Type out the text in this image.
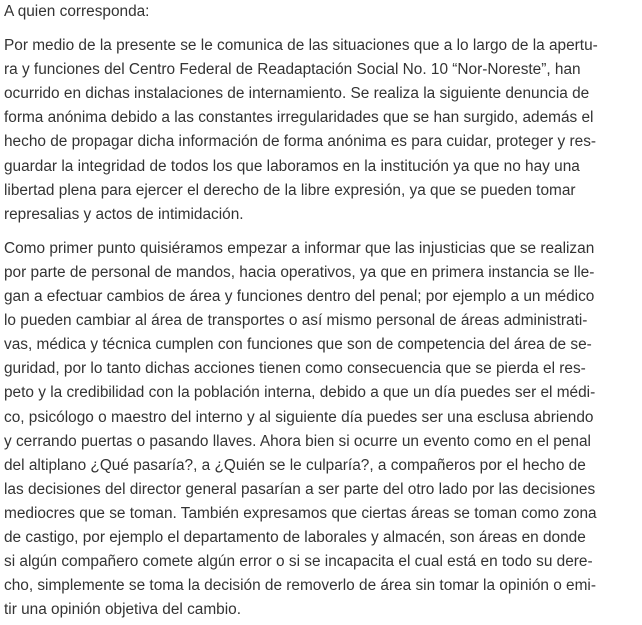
A quien corresponda:

Por medio de la presente se le comunica de las situaciones que a lo largo de la apertu-
ra y funciones del Centro Federal de Readaptación Social No. 10 “Nor-Noreste”, han
ocurrido en dichas instalaciones de internamiento. Se realiza la siguiente denuncia de
forma anónima debido a las constantes irregularidades que se han surgido, además el
hecho de propagar dicha información de forma anónima es para cuidar, proteger y res-
guardar la integridad de todos los que laboramos en la institución ya que no hay una
libertad plena para ejercer el derecho de la libre expresión, ya que se pueden tomar
represalias y actos de intimidación.

Como primer punto quisiéramos empezar a informar que las injusticias que se realizan
por parte de personal de mandos, hacia operativos, ya que en primera instancia se lle-
gan a efectuar cambios de área y funciones dentro del penal; por ejemplo a un médico
lo pueden cambiar al área de transportes o así mismo personal de áreas administrati-
vas, médica y técnica cumplen con funciones que son de competencia del área de se-
guridad, por lo tanto dichas acciones tienen como consecuencia que se pierda el res-
peto y la credibilidad con la población interna, debido a que un día puedes ser el médi-
co, psicólogo o maestro del interno y al siguiente día puedes ser una esclusa abriendo
y cerrando puertas o pasando llaves. Ahora bien si ocurre un evento como en el penal
del altiplano ¿Qué pasaría?, a ¿Quién se le culparía?, a compañeros por el hecho de
las decisiones del director general pasarían a ser parte del otro lado por las decisiones
mediocres que se toman. También expresamos que ciertas áreas se toman como zona
de castigo, por ejemplo el departamento de laborales y almacén, son áreas en donde
si algún compañero comete algún error o si se incapacita el cual está en todo su dere-
cho, simplemente se toma la decisión de removerlo de área sin tomar la opinión o emi-
tir una opinión objetiva del cambio.
